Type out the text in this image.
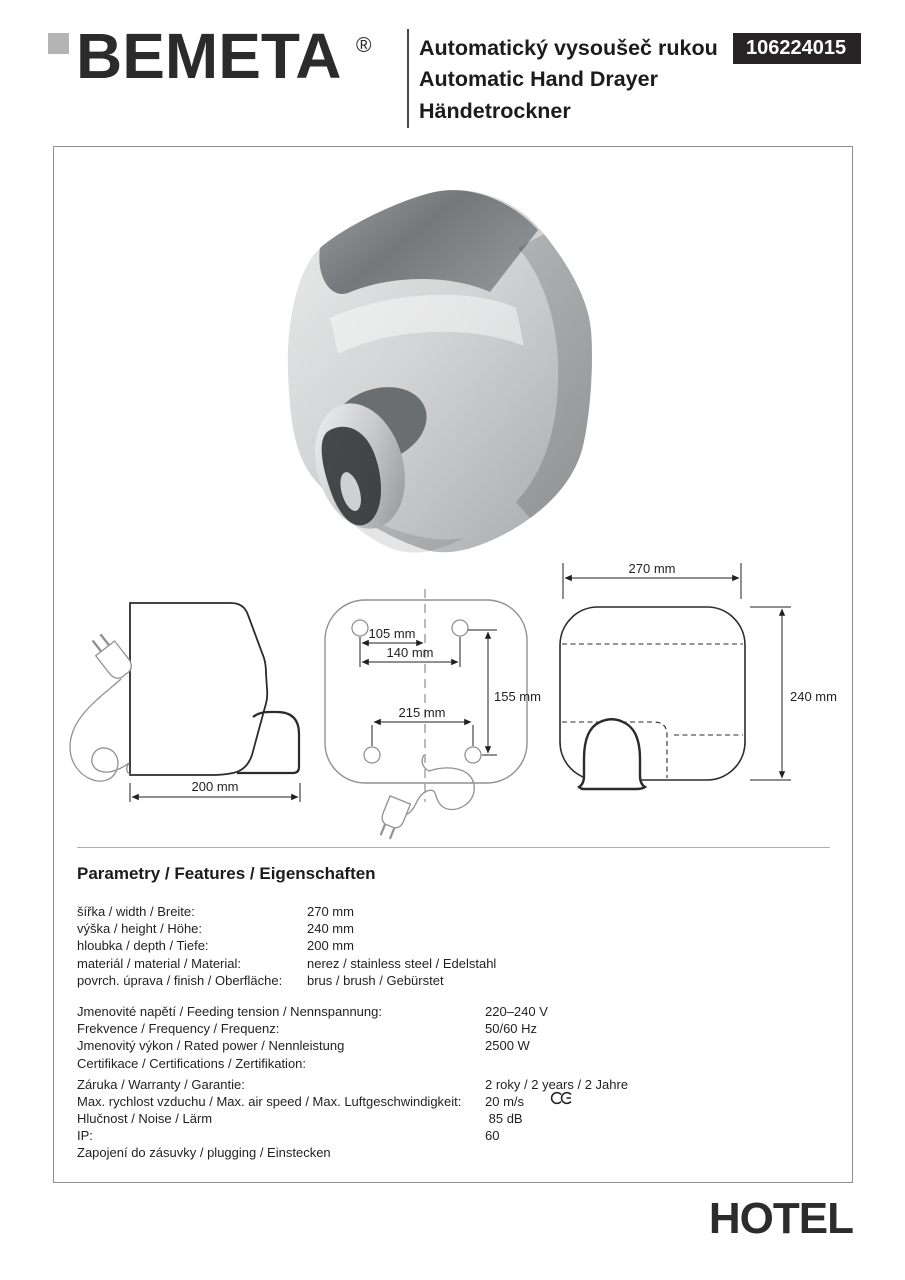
BEMETA ® Automatický vysoušeč rukou
Automatic Hand Drayer
Händetrockner
106224015
200 mm
105 mm
140 mm
155 mm
215 mm
270 mm
240 mm
Parametry / Features / Eigenschaften
šířka / width / Breite:	270 mm
výška / height / Höhe:	240 mm
hloubka / depth / Tiefe:	200 mm
materiál / material / Material:	nerez / stainless steel / Edelstahl
povrch. úprava / finish / Oberfläche:	brus / brush / Gebürstet
Jmenovité napětí / Feeding tension / Nennspannung:	220–240 V
Frekvence / Frequency / Frequenz:	50/60 Hz
Jmenovitý výkon / Rated power / Nennleistung	2500 W
Certifikace / Certifications / Zertifikation:

Záruka / Warranty / Garantie:	2 roky / 2 years / 2 Jahre
Max. rychlost vzduchu / Max. air speed / Max. Luftgeschwindigkeit:	20 m/s
Hlučnost / Noise / Lärm	85 dB
IP:	60
Zapojení do zásuvky / plugging / Einstecken
HOTEL
